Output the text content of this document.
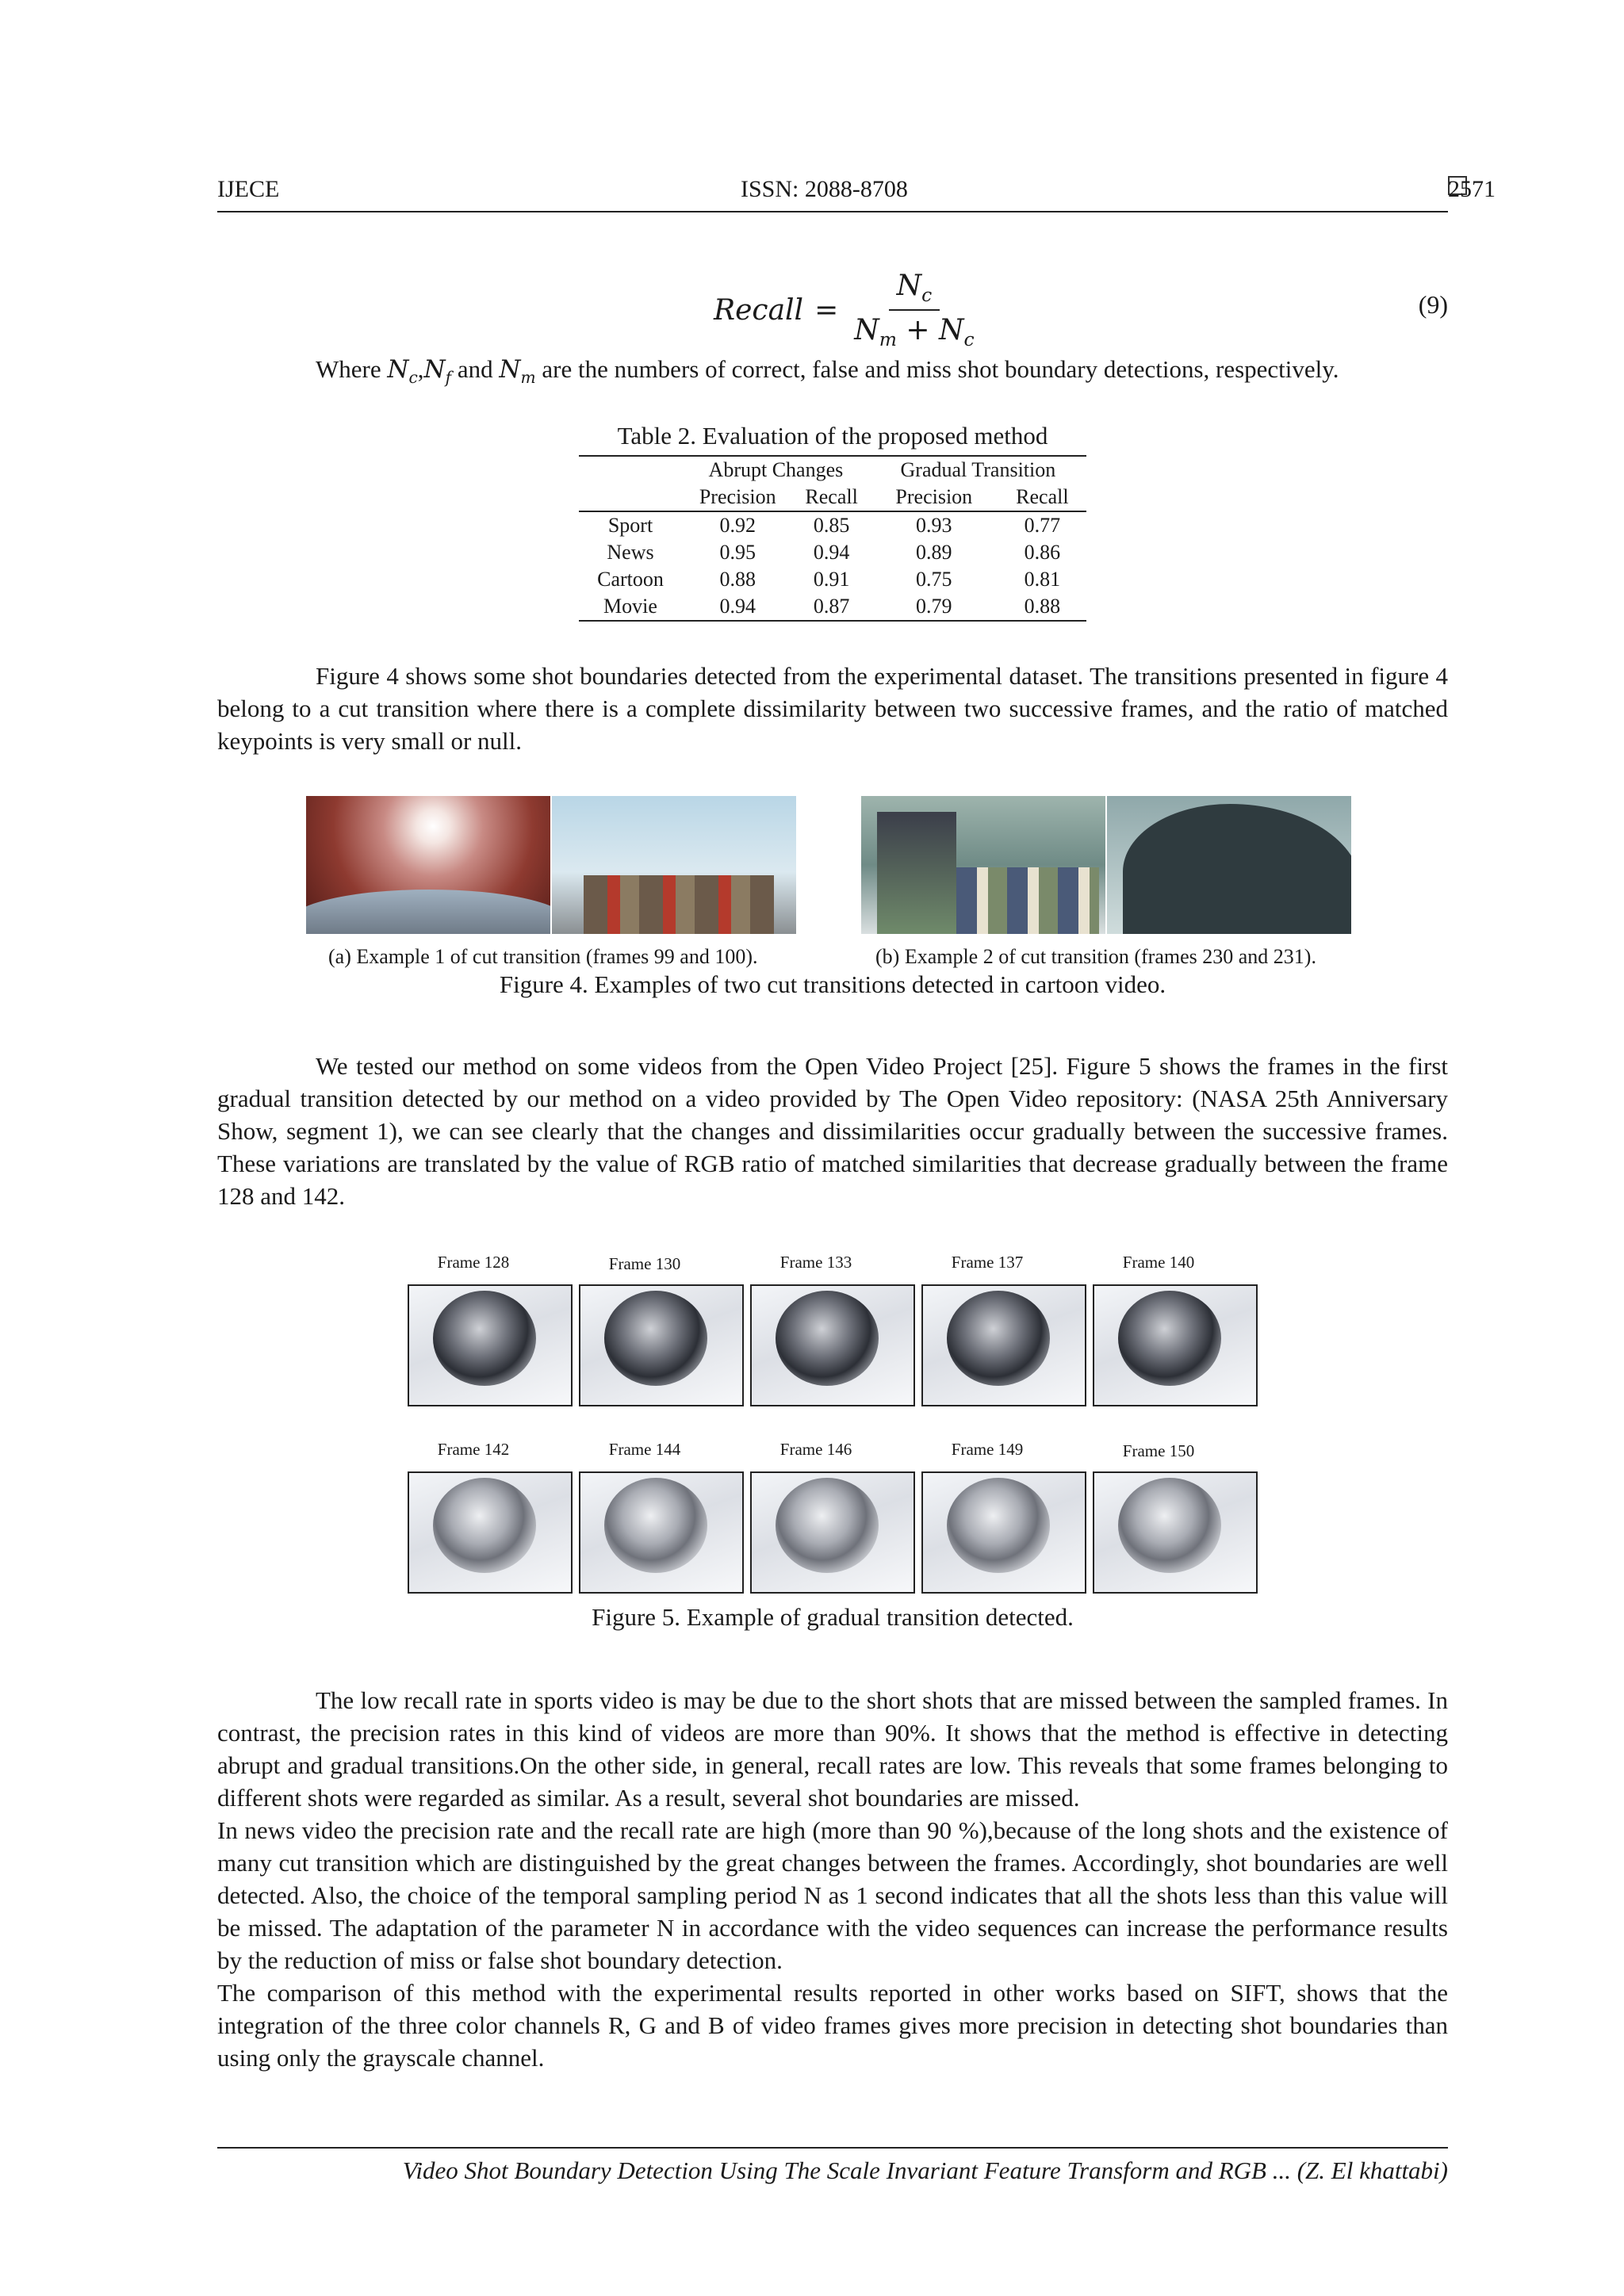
IJECE	ISSN: 2088-8708	2571
Recall = $\frac{N_c}{N_m + N_c}$	(9)
Where $N_c,N_f$ and $N_m$ are the numbers of correct, false and miss shot boundary detections, respectively.
Table 2. Evaluation of the proposed method
	Abrupt Changes		Gradual Transition	
	Precision	Recall	Precision	Recall
Sport	0.92	0.85	0.93	0.77
News	0.95	0.94	0.89	0.86
Cartoon	0.88	0.91	0.75	0.81
Movie	0.94	0.87	0.79	0.88
Figure 4 shows some shot boundaries detected from the experimental dataset. The transitions presented in figure 4 belong to a cut transition where there is a complete dissimilarity between two successive frames, and the ratio of matched keypoints is very small or null.
(a) Example 1 of cut transition (frames 99 and 100).	(b) Example 2 of cut transition (frames 230 and 231).
Figure 4. Examples of two cut transitions detected in cartoon video.
We tested our method on some videos from the Open Video Project [25]. Figure 5 shows the frames in the first gradual transition detected by our method on a video provided by The Open Video repository: (NASA 25th Anniversary Show, segment 1), we can see clearly that the changes and dissimilarities occur gradually between the successive frames. These variations are translated by the value of RGB ratio of matched similarities that decrease gradually between the frame 128 and 142.
Frame 128	Frame 130	Frame 133	Frame 137	Frame 140
Frame 142	Frame 144	Frame 146	Frame 149	Frame 150
Figure 5. Example of gradual transition detected.
The low recall rate in sports video is may be due to the short shots that are missed between the sampled frames. In contrast, the precision rates in this kind of videos are more than 90%. It shows that the method is effective in detecting abrupt and gradual transitions.On the other side, in general, recall rates are low. This reveals that some frames belonging to different shots were regarded as similar. As a result, several shot boundaries are missed.
In news video the precision rate and the recall rate are high (more than 90 %),because of the long shots and the existence of many cut transition which are distinguished by the great changes between the frames. Accordingly, shot boundaries are well detected. Also, the choice of the temporal sampling period N as 1 second indicates that all the shots less than this value will be missed. The adaptation of the parameter N in accordance with the video sequences can increase the performance results by the reduction of miss or false shot boundary detection.
The comparison of this method with the experimental results reported in other works based on SIFT, shows that the integration of the three color channels R, G and B of video frames gives more precision in detecting shot boundaries than using only the grayscale channel.
Video Shot Boundary Detection Using The Scale Invariant Feature Transform and RGB ... (Z. El khattabi)
